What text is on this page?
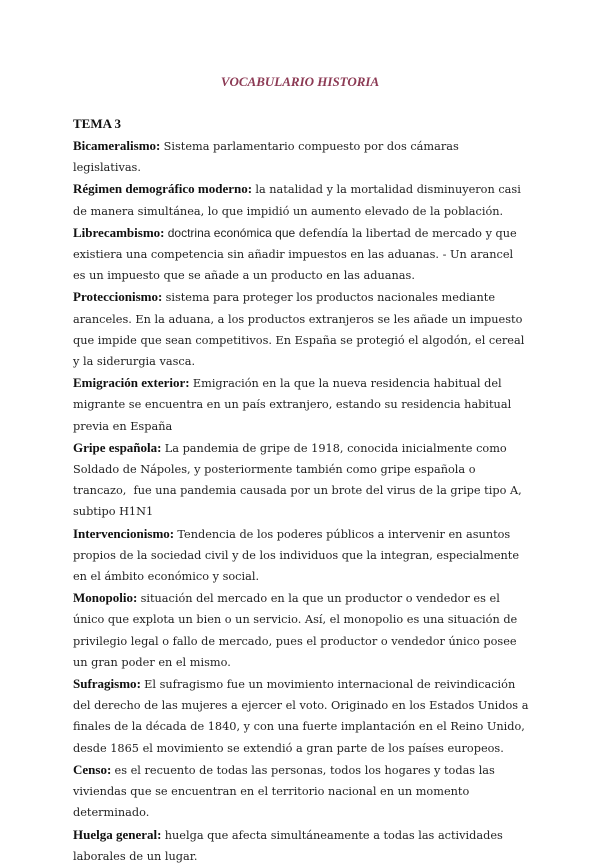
VOCABULARIO HISTORIA
TEMA 3

Bicameralismo: Sistema parlamentario compuesto por dos cámaras legislativas.

Régimen demográfico moderno: la natalidad y la mortalidad disminuyeron casi de manera simultánea, lo que impidió un aumento elevado de la población.

Librecambismo: doctrina económica que defendía la libertad de mercado y que existiera una competencia sin añadir impuestos en las aduanas. - Un arancel es un impuesto que se añade a un producto en las aduanas.

Proteccionismo: sistema para proteger los productos nacionales mediante aranceles. En la aduana, a los productos extranjeros se les añade un impuesto que impide que sean competitivos. En España se protegió el algodón, el cereal y la siderurgia vasca.

Emigración exterior: Emigración en la que la nueva residencia habitual del migrante se encuentra en un país extranjero, estando su residencia habitual previa en España

Gripe española: La pandemia de gripe de 1918, conocida inicialmente como Soldado de Nápoles, y posteriormente también como gripe española o trancazo,  fue una pandemia causada por un brote del virus de la gripe tipo A, subtipo H1N1

Intervencionismo: Tendencia de los poderes públicos a intervenir en asuntos propios de la sociedad civil y de los individuos que la integran, especialmente en el ámbito económico y social.

Monopolio: situación del mercado en la que un productor o vendedor es el único que explota un bien o un servicio. Así, el monopolio es una situación de privilegio legal o fallo de mercado, pues el productor o vendedor único posee un gran poder en el mismo.

Sufragismo: El sufragismo fue un movimiento internacional de reivindicación del derecho de las mujeres a ejercer el voto. Originado en los Estados Unidos a finales de la década de 1840, y con una fuerte implantación en el Reino Unido, desde 1865 el movimiento se extendió a gran parte de los países europeos.

Censo: es el recuento de todas las personas, todos los hogares y todas las viviendas que se encuentran en el territorio nacional en un momento determinado.

Huelga general: huelga que afecta simultáneamente a todas las actividades laborales de un lugar.
